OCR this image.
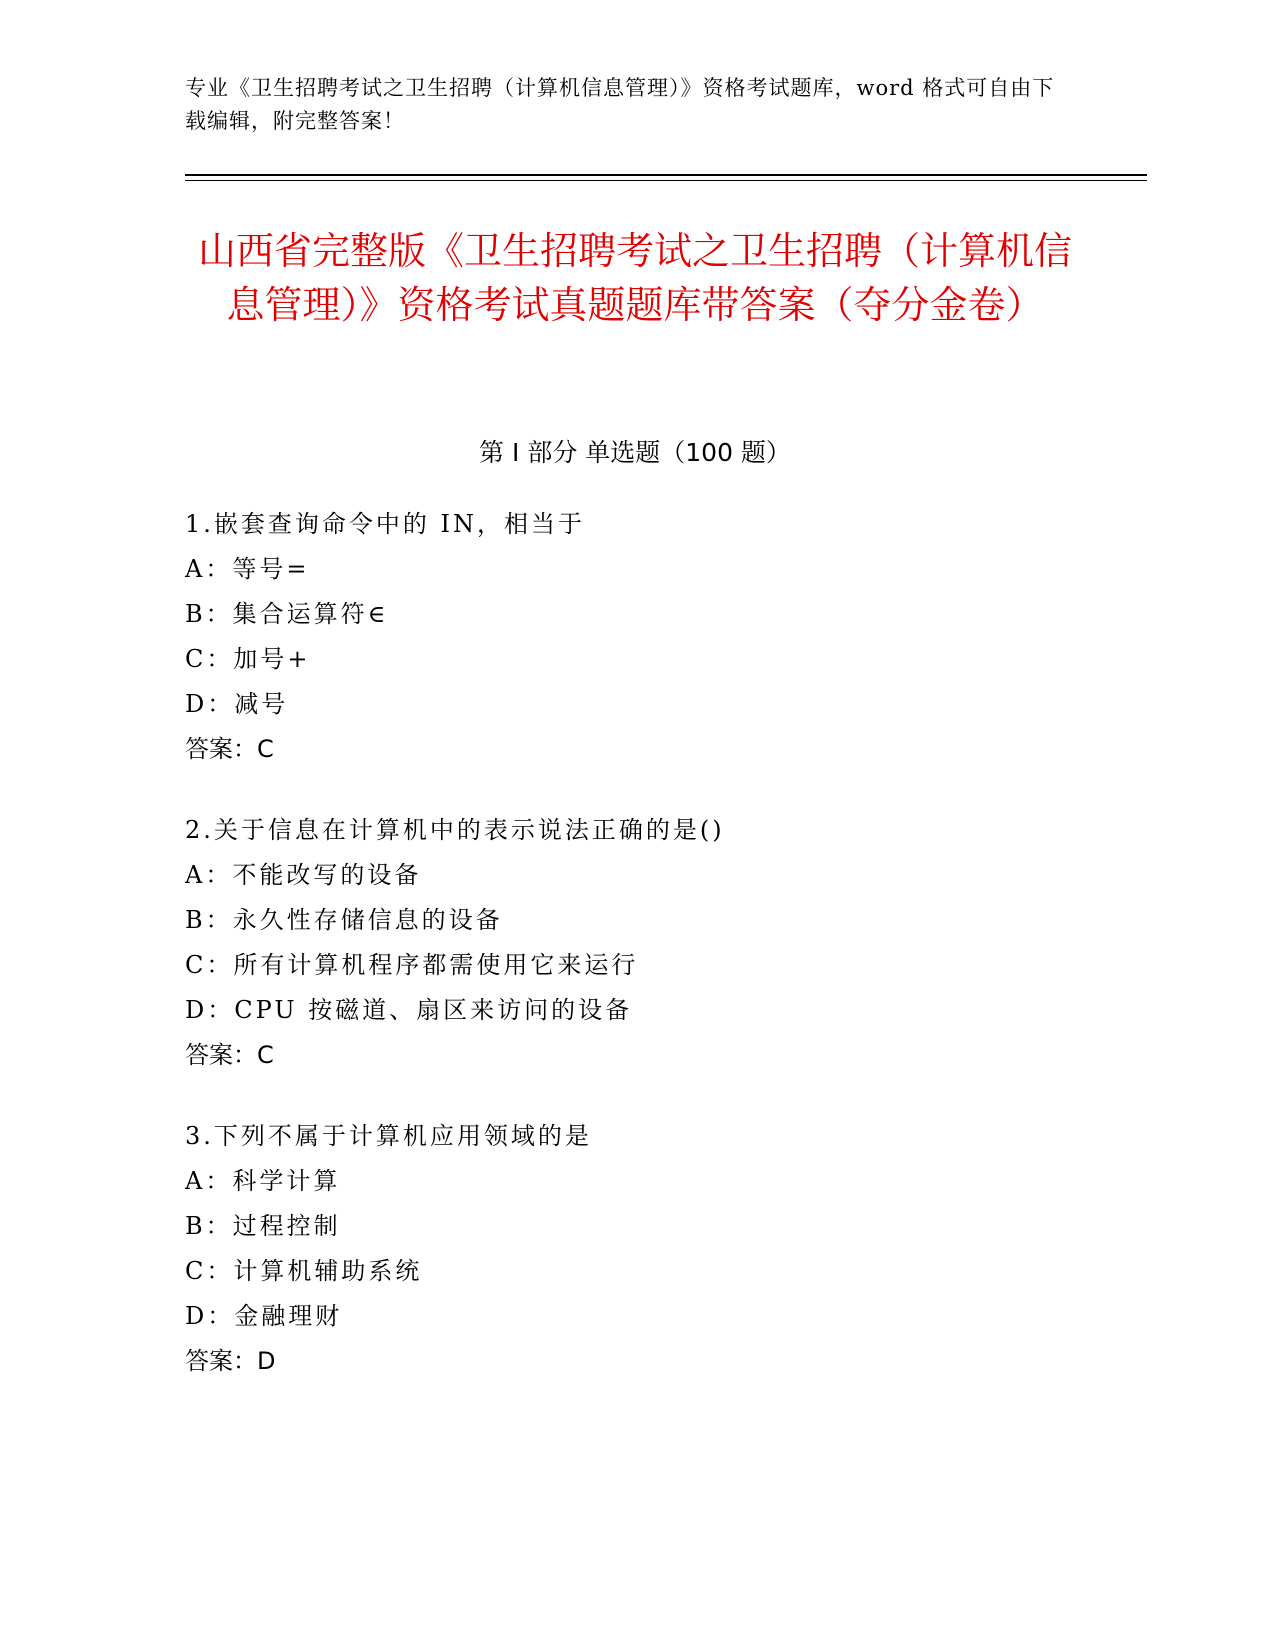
专业《卫生招聘考试之卫生招聘（计算机信息管理）》资格考试题库，word 格式可自由下载编辑，附完整答案！
山西省完整版《卫生招聘考试之卫生招聘（计算机信息管理）》资格考试真题题库带答案（夺分金卷）
第 I 部分 单选题（100 题）
1.嵌套查询命令中的 IN，相当于
A：等号=
B：集合运算符∈
C：加号+
D：减号
答案：C
2.关于信息在计算机中的表示说法正确的是()
A：不能改写的设备
B：永久性存储信息的设备
C：所有计算机程序都需使用它来运行
D：CPU 按磁道、扇区来访问的设备
答案：C
3.下列不属于计算机应用领域的是
A：科学计算
B：过程控制
C：计算机辅助系统
D：金融理财
答案：D
